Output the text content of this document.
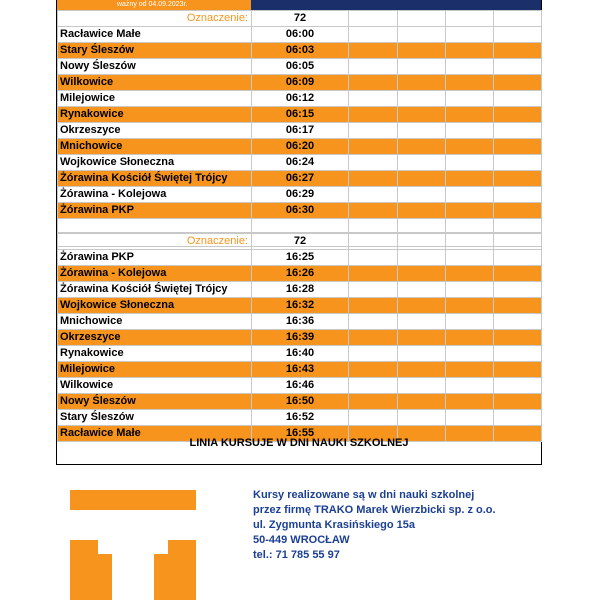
ważny od 04.09.2023r.
Oznaczenie:	72				
Racławice Małe	06:00				
Stary Śleszów	06:03				
Nowy Śleszów	06:05				
Wilkowice	06:09				
Milejowice	06:12				
Rynakowice	06:15				
Okrzeszyce	06:17				
Mnichowice	06:20				
Wojkowice Słoneczna	06:24				
Żórawina Kościół Świętej Trójcy	06:27				
Żórawina - Kolejowa	06:29				
Żórawina PKP	06:30				

Oznaczenie:	72				
Żórawina PKP	16:25				
Żórawina - Kolejowa	16:26				
Żórawina Kościół Świętej Trójcy	16:28				
Wojkowice Słoneczna	16:32				
Mnichowice	16:36				
Okrzeszyce	16:39				
Rynakowice	16:40				
Milejowice	16:43				
Wilkowice	16:46				
Nowy Śleszów	16:50				
Stary Śleszów	16:52				
Racławice Małe	16:55				
LINIA KURSUJE W DNI NAUKI SZKOLNEJ
Kursy realizowane są w dni nauki szkolnej
przez firmę TRAKO Marek Wierzbicki sp. z o.o.
ul. Zygmunta Krasińskiego 15a
50-449 WROCŁAW
tel.: 71 785 55 97
